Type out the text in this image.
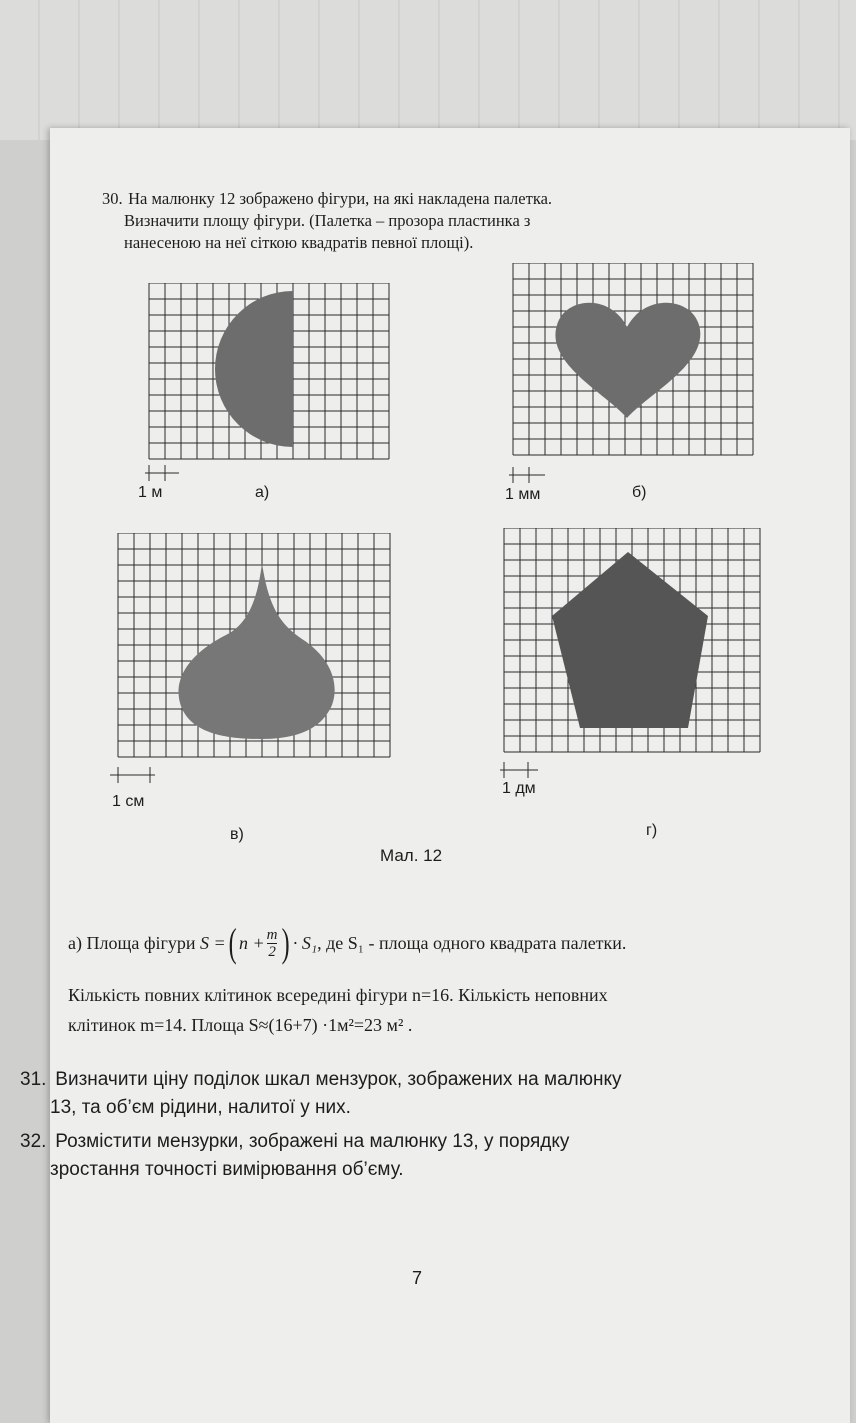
30. На малюнку 12 зображено фігури, на які накладена палетка.
Визначити площу фігури. (Палетка – прозора пластинка з
нанесеною на неї сіткою квадратів певної площі).
1 м	а)	1 мм	б)
1 см
в)
1 дм
г)
Мал. 12
а) Площа фігури
S = ( $n + \frac{m}{2}$ ) · S₁ , де S₁ - площа одного квадрата палетки.
Кількість повних клітинок всередині фігури n=16. Кількість неповних
клітинок m=14. Площа S≈(16+7) ·1м²=23 м² .
31. Визначити ціну поділок шкал мензурок, зображених на малюнку
13, та об’єм рідини, налитої у них.
32. Розмістити мензурки, зображені на малюнку 13, у порядку
зростання точності вимірювання об’єму.
7
